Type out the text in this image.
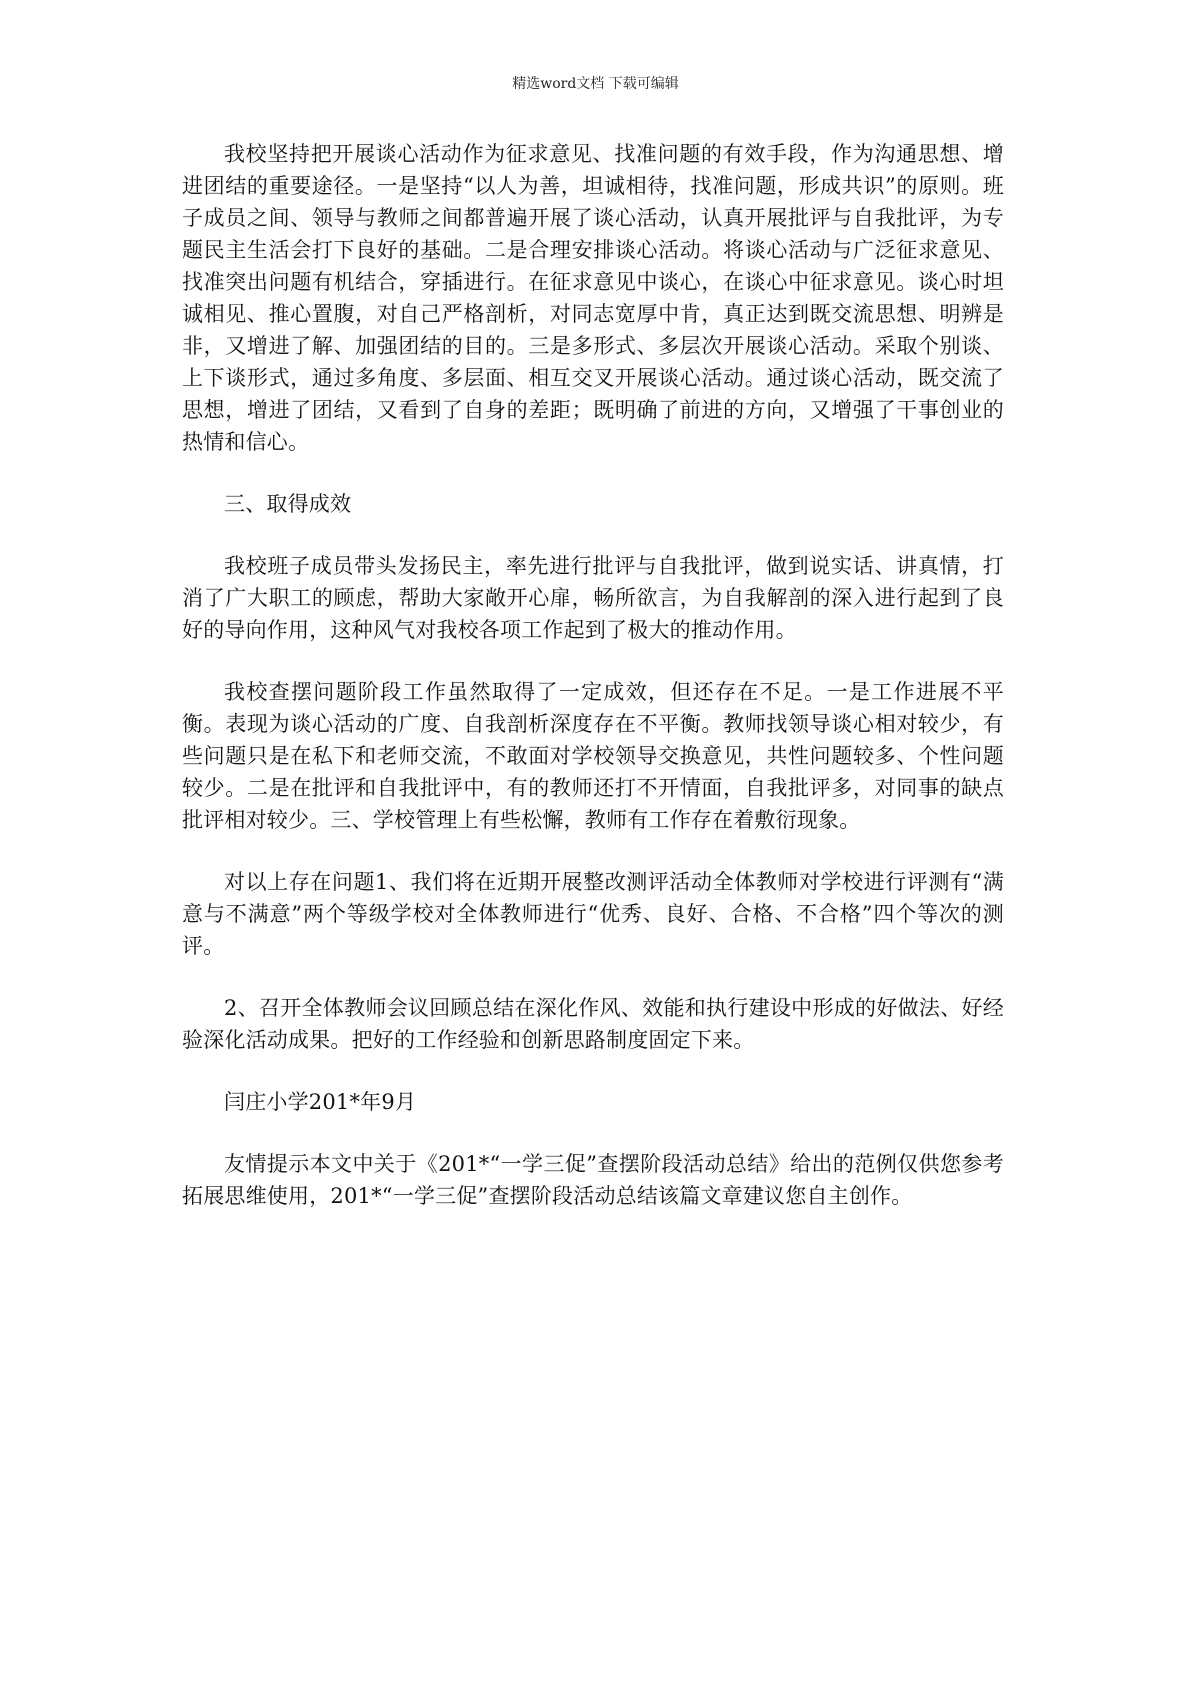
精选word文档 下载可编辑

我校坚持把开展谈心活动作为征求意见、找准问题的有效手段，作为沟通思想、增进团结的重要途径。一是坚持“以人为善，坦诚相待，找准问题，形成共识”的原则。班子成员之间、领导与教师之间都普遍开展了谈心活动，认真开展批评与自我批评，为专题民主生活会打下良好的基础。二是合理安排谈心活动。将谈心活动与广泛征求意见、找准突出问题有机结合，穿插进行。在征求意见中谈心，在谈心中征求意见。谈心时坦诚相见、推心置腹，对自己严格剖析，对同志宽厚中肯，真正达到既交流思想、明辨是非，又增进了解、加强团结的目的。三是多形式、多层次开展谈心活动。采取个别谈、上下谈形式，通过多角度、多层面、相互交叉开展谈心活动。通过谈心活动，既交流了思想，增进了团结，又看到了自身的差距；既明确了前进的方向，又增强了干事创业的热情和信心。

三、取得成效

我校班子成员带头发扬民主，率先进行批评与自我批评，做到说实话、讲真情，打消了广大职工的顾虑，帮助大家敞开心扉，畅所欲言，为自我解剖的深入进行起到了良好的导向作用，这种风气对我校各项工作起到了极大的推动作用。

我校查摆问题阶段工作虽然取得了一定成效，但还存在不足。一是工作进展不平衡。表现为谈心活动的广度、自我剖析深度存在不平衡。教师找领导谈心相对较少，有些问题只是在私下和老师交流，不敢面对学校领导交换意见，共性问题较多、个性问题较少。二是在批评和自我批评中，有的教师还打不开情面，自我批评多，对同事的缺点批评相对较少。三、学校管理上有些松懈，教师有工作存在着敷衍现象。

对以上存在问题1、我们将在近期开展整改测评活动全体教师对学校进行评测有“满意与不满意”两个等级学校对全体教师进行“优秀、良好、合格、不合格”四个等次的测评。

2、召开全体教师会议回顾总结在深化作风、效能和执行建设中形成的好做法、好经验深化活动成果。把好的工作经验和创新思路制度固定下来。

闫庄小学201*年9月

友情提示本文中关于《201*“一学三促”查摆阶段活动总结》给出的范例仅供您参考拓展思维使用，201*“一学三促”查摆阶段活动总结该篇文章建议您自主创作。
